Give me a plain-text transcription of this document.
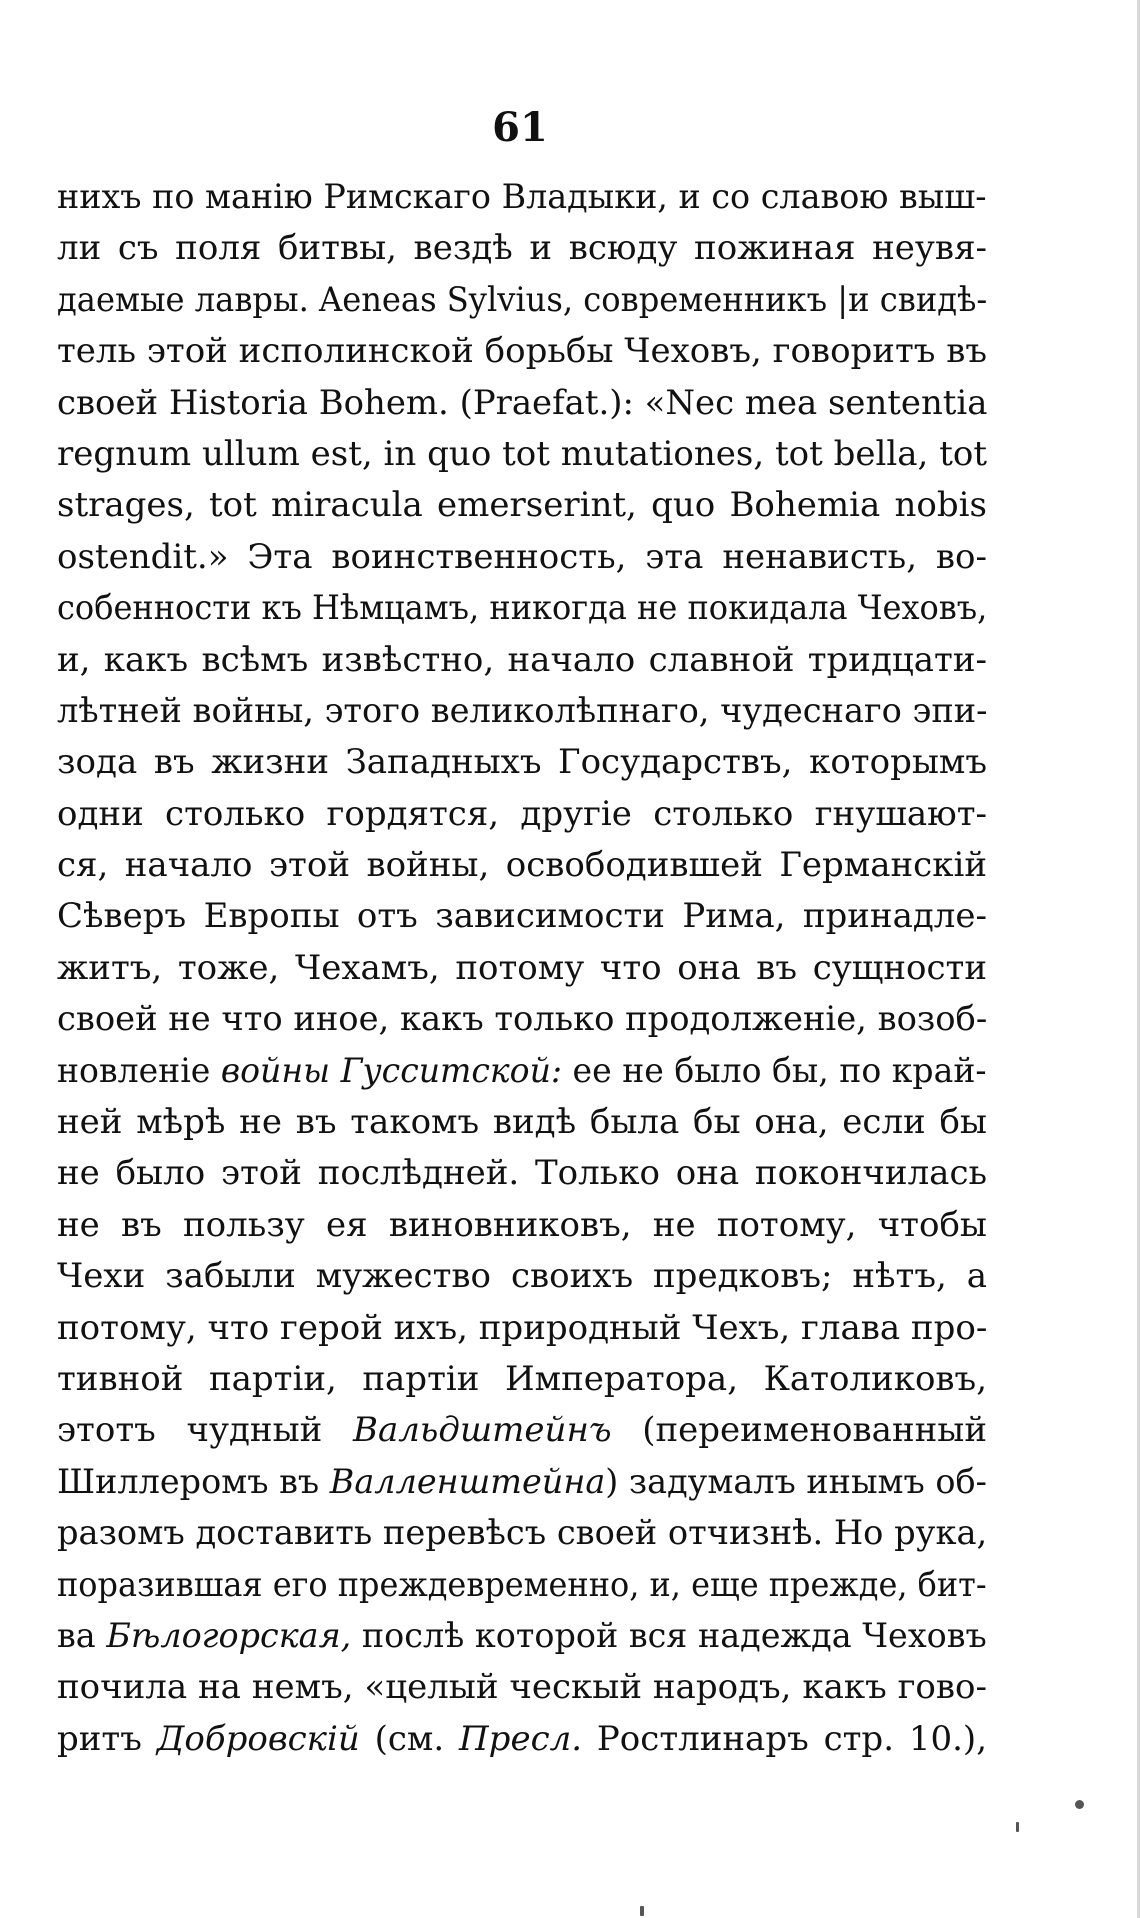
61
нихъ по манію Римскаго Владыки, и со славою выш-
ли съ поля битвы, вездѣ и всюду пожиная неувя-
даемые лавры. Aeneas Sylvius, современникъ |и свидѣ-
тель этой исполинской борьбы Чеховъ, говоритъ въ
своей Historia Bohem. (Praefat.): «Nec mea sententia
regnum ullum est, in quo tot mutationes, tot bella, tot
strages, tot miracula emerserint, quo Bohemia nobis
ostendit.» Эта воинственность, эта ненависть, во-
собенности къ Нѣмцамъ, никогда не покидала Чеховъ,
и, какъ всѣмъ извѣстно, начало славной тридцати-
лѣтней войны, этого великолѣпнаго, чудеснаго эпи-
зода въ жизни Западныхъ Государствъ, которымъ
одни столько гордятся, другіе столько гнушают-
ся, начало этой войны, освободившей Германскій
Сѣверъ Европы отъ зависимости Рима, принадле-
житъ, тоже, Чехамъ, потому что она въ сущности
своей не что иное, какъ только продолженіе, возоб-
новленіе войны Гусситской: ее не было бы, по край-
ней мѣрѣ не въ такомъ видѣ была бы она, если бы
не было этой послѣдней. Только она покончилась
не въ пользу ея виновниковъ, не потому, чтобы
Чехи забыли мужество своихъ предковъ; нѣтъ, а
потому, что герой ихъ, природный Чехъ, глава про-
тивной партіи, партіи Императора, Католиковъ,
этотъ чудный Вальдштейнъ (переименованный
Шиллеромъ въ Валленштейна) задумалъ инымъ об-
разомъ доставить перевѣсъ своей отчизнѣ. Но рука,
поразившая его преждевременно, и, еще прежде, бит-
ва Бѣлогорская, послѣ которой вся надежда Чеховъ
почила на немъ, «целый ческый народъ, какъ гово-
ритъ Добровскій (см. Пресл. Ростлинаръ стр. 10.),
